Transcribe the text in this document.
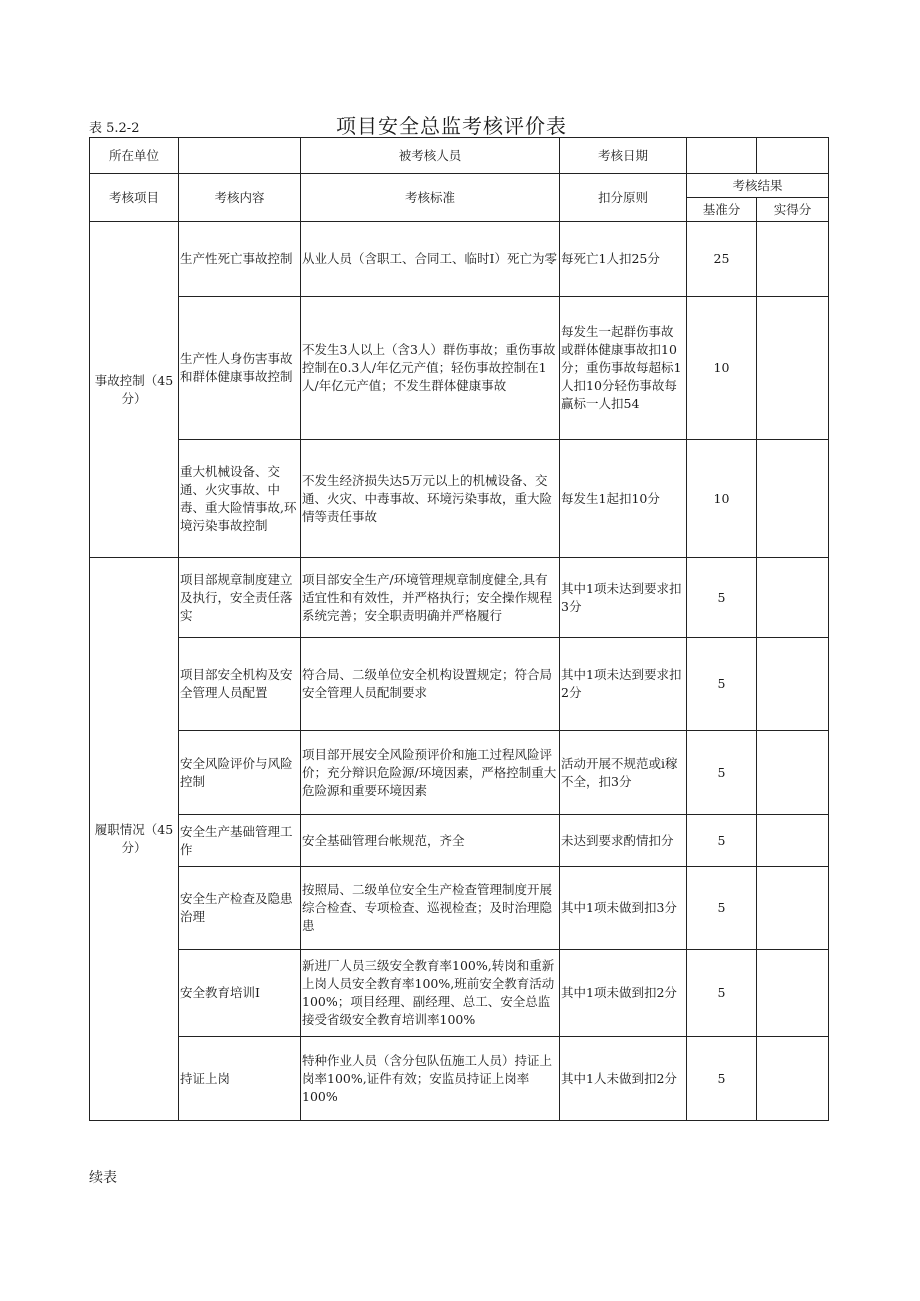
表 5.2-2	项目安全总监考核评价表
所在单位		被考核人员	考核日期		
考核项目	考核内容	考核标准	扣分原则	考核结果	
				基准分	实得分
事故控制（45分）	生产性死亡事故控制	从业人员（含职工、合同工、临时I）死亡为零	每死亡1人扣25分	25	
	生产性人身伤害事故和群体健康事故控制	不发生3人以上（含3人）群伤事故；重伤事故控制在0.3人/年亿元产值；轻伤事故控制在1人/年亿元产值；不发生群体健康事故	每发生一起群伤事故或群体健康事故扣10分；重伤事故每超标1人扣10分轻伤事故每赢标一人扣54	10	
	重大机械设备、交通、火灾事故、中毒、重大险情事故,环境污染事故控制	不发生经济损失达5万元以上的机械设备、交通、火灾、中毒事故、环境污染事故，重大险情等责任事故	每发生1起扣10分	10	
履职情况（45分）	项目部规章制度建立及执行，安全责任落实	项目部安全生产/环境管理规章制度健全,具有适宜性和有效性，并严格执行；安全操作规程系统完善；安全职责明确并严格履行	其中1项未达到要求扣3分	5	
	项目部安全机构及安全管理人员配置	符合局、二级单位安全机构设置规定；符合局安全管理人员配制要求	其中1项未达到要求扣2分	5	
	安全风险评价与风险控制	项目部开展安全风险预评价和施工过程风险评价；充分辩识危险源/环境因素，严格控制重大危险源和重要环境因素	活动开展不规范或i稼不全，扣3分	5	
	安全生产基础管理工作	安全基础管理台帐规范，齐全	未达到要求酌情扣分	5	
	安全生产检查及隐患治理	按照局、二级单位安全生产检查管理制度开展综合检查、专项检查、巡视检查；及时治理隐患	其中1项未做到扣3分	5	
	安全教育培训I	新进厂人员三级安全教育率100%,转岗和重新上岗人员安全教育率100%,班前安全教育活动100%；项目经理、副经理、总工、安全总监接受省级安全教育培训率100%	其中1项未做到扣2分	5	
	持证上岗	特种作业人员（含分包队伍施工人员）持证上岗率100%,证件有效；安监员持证上岗率100%	其中1人未做到扣2分	5	
续表
